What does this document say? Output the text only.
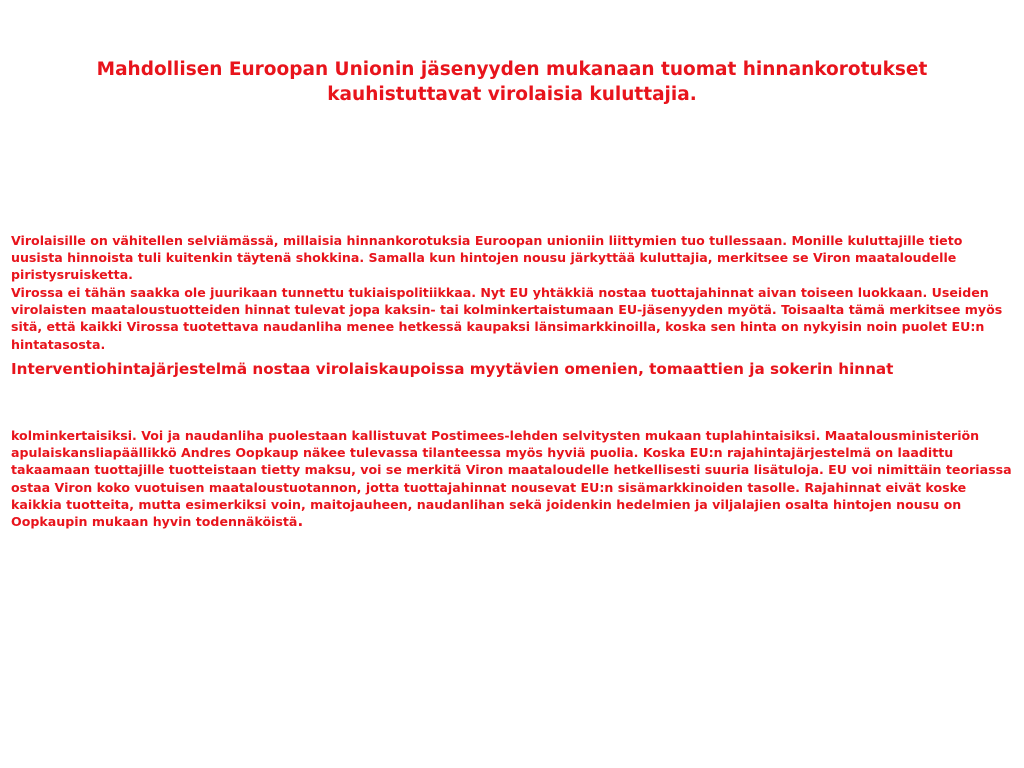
Mahdollisen Euroopan Unionin jäsenyyden mukanaan tuomat hinnankorotukset kauhistuttavat virolaisia kuluttajia.

Virolaisille on vähitellen selviämässä, millaisia hinnankorotuksia Euroopan unioniin liittymien tuo tullessaan. Monille kuluttajille tieto uusista hinnoista tuli kuitenkin täytenä shokkina. Samalla kun hintojen nousu järkyttää kuluttajia, merkitsee se Viron maataloudelle piristysruisketta.

Virossa ei tähän saakka ole juurikaan tunnettu tukiaispolitiikkaa. Nyt EU yhtäkkiä nostaa tuottajahinnat aivan toiseen luokkaan. Useiden virolaisten maataloustuotteiden hinnat tulevat jopa kaksin- tai kolminkertaistumaan EU-jäsenyyden myötä. Toisaalta tämä merkitsee myös sitä, että kaikki Virossa tuotettava naudanliha menee hetkessä kaupaksi länsimarkkinoilla, koska sen hinta on nykyisin noin puolet EU:n hintatasosta.

Interventiohintajärjestelmä nostaa virolaiskaupoissa myytävien omenien, tomaattien ja sokerin hinnat

kolminkertaisiksi. Voi ja naudanliha puolestaan kallistuvat Postimees-lehden selvitysten mukaan tuplahintaisiksi. Maatalousministeriön apulaiskansliapäällikkö Andres Oopkaup näkee tulevassa tilanteessa myös hyviä puolia. Koska EU:n rajahintajärjestelmä on laadittu takaamaan tuottajille tuotteistaan tietty maksu, voi se merkitä Viron maataloudelle hetkellisesti suuria lisätuloja. EU voi nimittäin teoriassa ostaa Viron koko vuotuisen maataloustuotannon, jotta tuottajahinnat nousevat EU:n sisämarkkinoiden tasolle. Rajahinnat eivät koske kaikkia tuotteita, mutta esimerkiksi voin, maitojauheen, naudanlihan sekä joidenkin hedelmien ja viljalajien osalta hintojen nousu on Oopkaupin mukaan hyvin todennäköistä.
